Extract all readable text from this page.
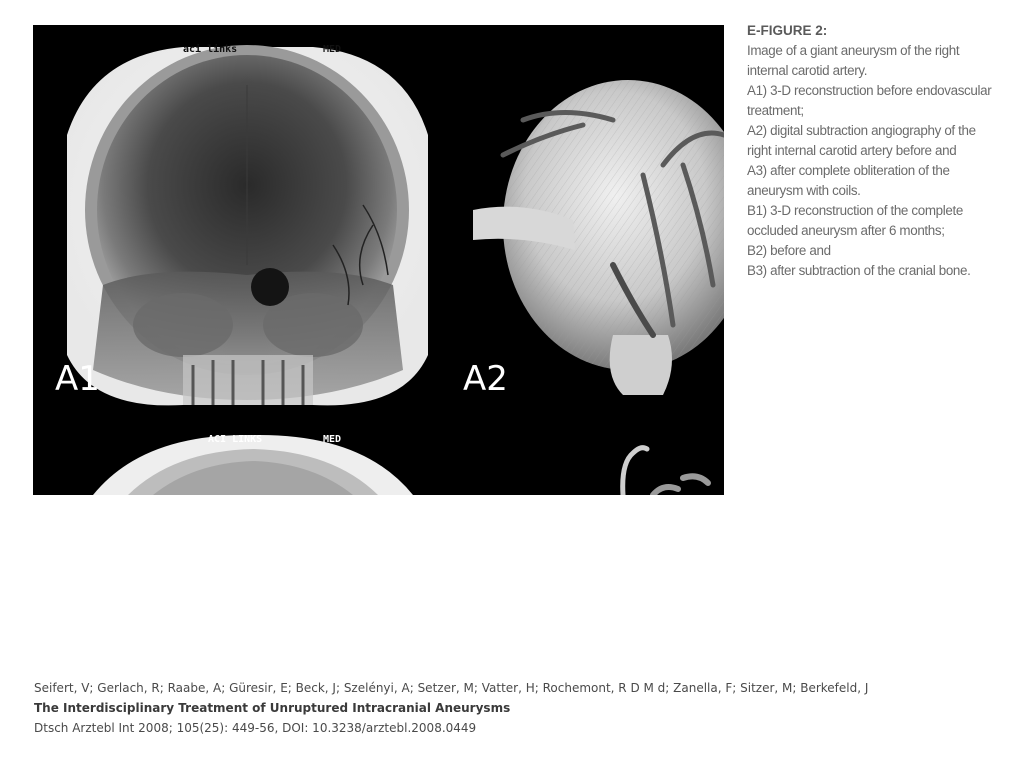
aci links	MED
A1	A2
ACI LINKS	MED
E-FIGURE 2:
Image of a giant aneurysm of the right
internal carotid artery.
A1) 3-D reconstruction before endovascular
treatment;
A2) digital subtraction angiography of the
right internal carotid artery before and
A3) after complete obliteration of the
aneurysm with coils.
B1) 3-D reconstruction of the complete
occluded aneurysm after 6 months;
B2) before and
B3) after subtraction of the cranial bone.
Seifert, V; Gerlach, R; Raabe, A; Güresir, E; Beck, J; Szelényi, A; Setzer, M; Vatter, H; Rochemont, R D M d; Zanella, F; Sitzer, M; Berkefeld, J
The Interdisciplinary Treatment of Unruptured Intracranial Aneurysms
Dtsch Arztebl Int 2008; 105(25): 449-56, DOI: 10.3238/arztebl.2008.0449
